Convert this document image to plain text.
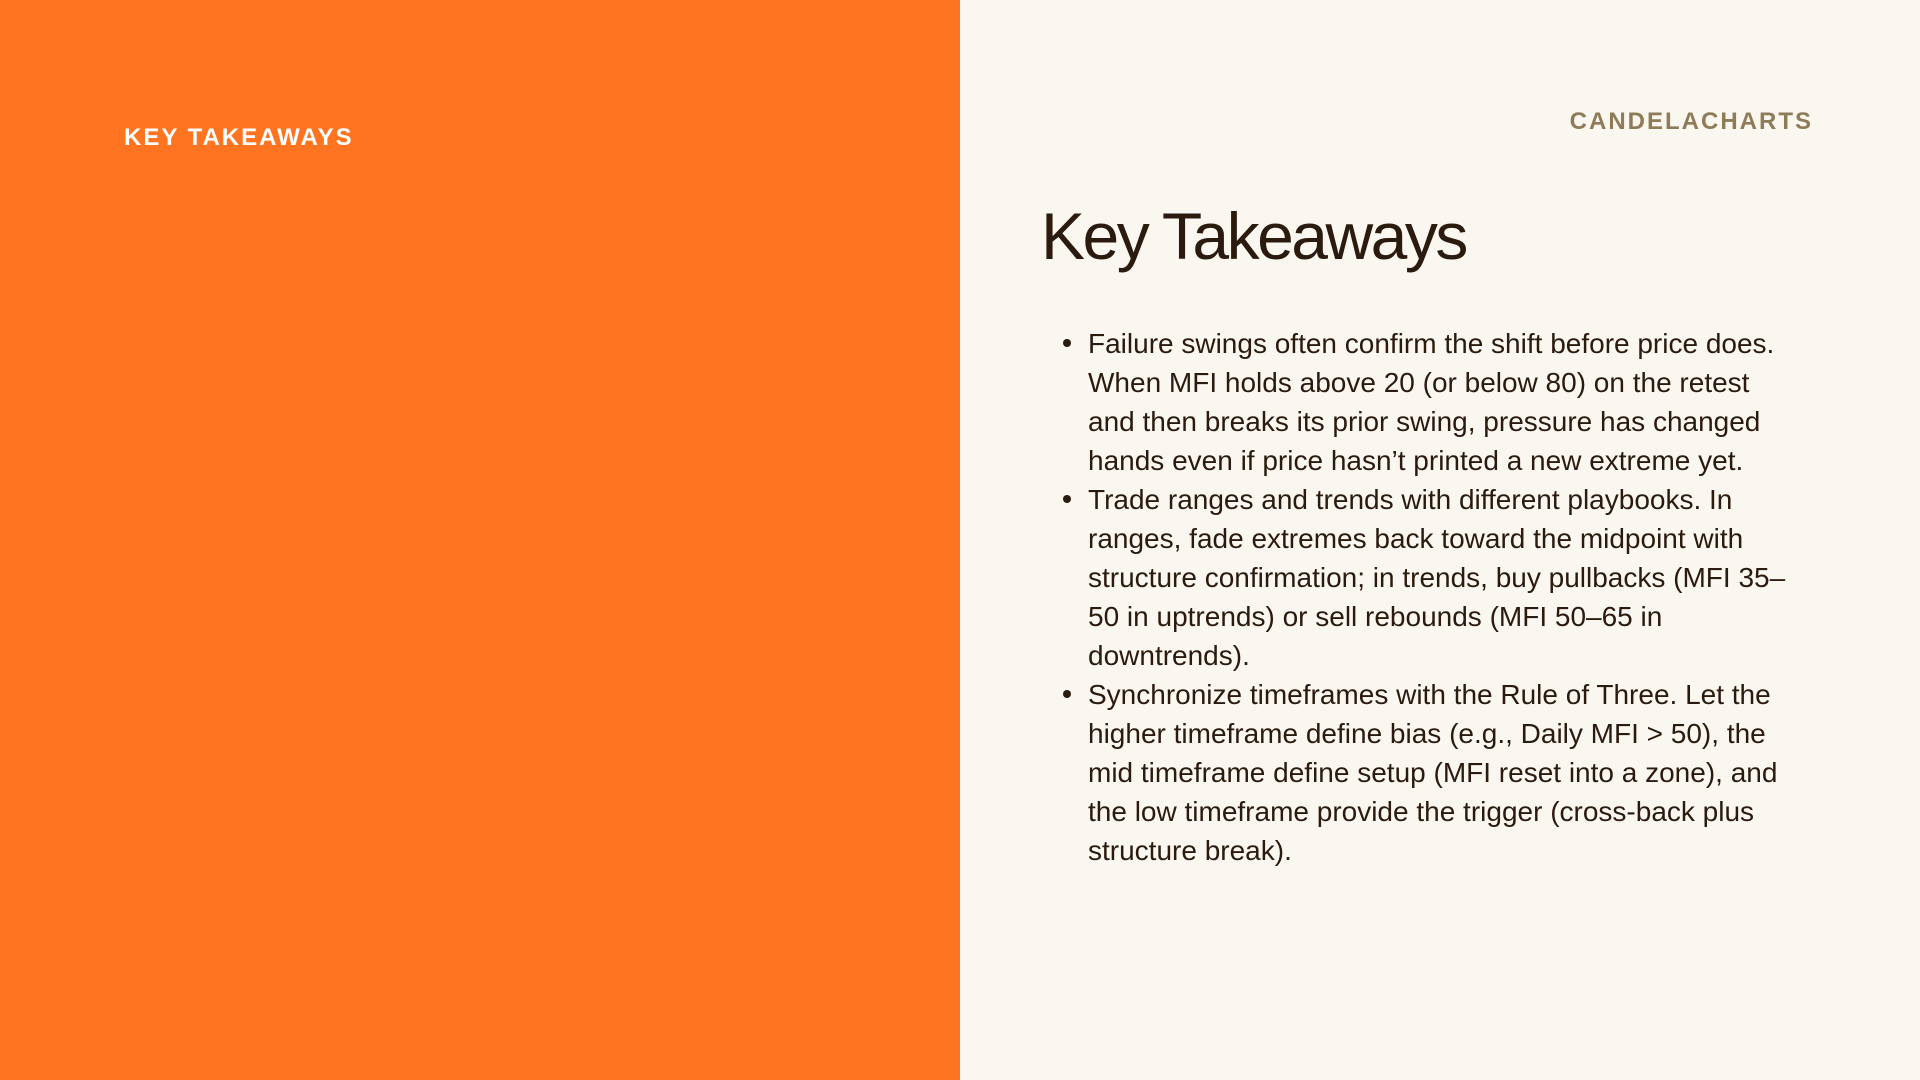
KEY TAKEAWAYS

CANDELACHARTS

Key Takeaways
Failure swings often confirm the shift before price does. When MFI holds above 20 (or below 80) on the retest and then breaks its prior swing, pressure has changed hands even if price hasn’t printed a new extreme yet.
Trade ranges and trends with different playbooks. In ranges, fade extremes back toward the midpoint with structure confirmation; in trends, buy pullbacks (MFI 35–50 in uptrends) or sell rebounds (MFI 50–65 in downtrends).
Synchronize timeframes with the Rule of Three. Let the higher timeframe define bias (e.g., Daily MFI > 50), the mid timeframe define setup (MFI reset into a zone), and the low timeframe provide the trigger (cross-back plus structure break).
